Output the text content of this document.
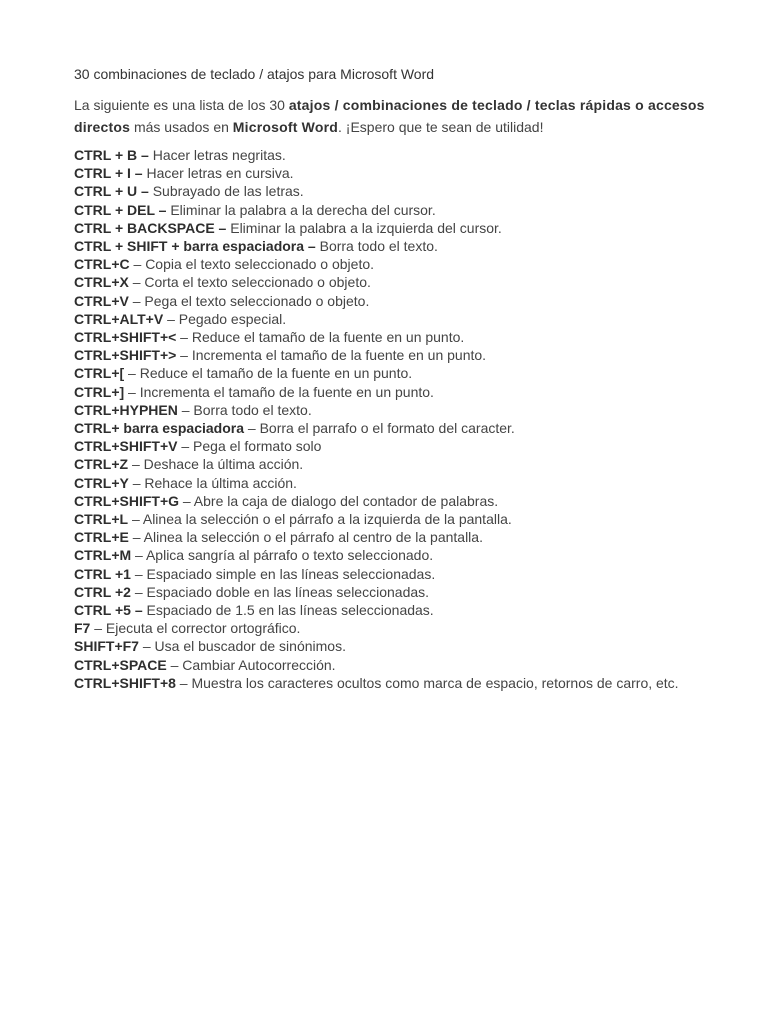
30 combinaciones de teclado / atajos para Microsoft Word

La siguiente es una lista de los 30 atajos / combinaciones de teclado / teclas rápidas o accesos directos más usados en Microsoft Word. ¡Espero que te sean de utilidad!

CTRL + B – Hacer letras negritas.
CTRL + I – Hacer letras en cursiva.
CTRL + U – Subrayado de las letras.
CTRL + DEL – Eliminar la palabra a la derecha del cursor.
CTRL + BACKSPACE – Eliminar la palabra a la izquierda del cursor.
CTRL + SHIFT + barra espaciadora – Borra todo el texto.
CTRL+C – Copia el texto seleccionado o objeto.
CTRL+X – Corta el texto seleccionado o objeto.
CTRL+V – Pega el texto seleccionado o objeto.
CTRL+ALT+V – Pegado especial.
CTRL+SHIFT+< – Reduce el tamaño de la fuente en un punto.
CTRL+SHIFT+> – Incrementa el tamaño de la fuente en un punto.
CTRL+[ – Reduce el tamaño de la fuente en un punto.
CTRL+] – Incrementa el tamaño de la fuente en un punto.
CTRL+HYPHEN – Borra todo el texto.
CTRL+ barra espaciadora – Borra el parrafo o el formato del caracter.
CTRL+SHIFT+V – Pega el formato solo
CTRL+Z – Deshace la última acción.
CTRL+Y – Rehace la última acción.
CTRL+SHIFT+G – Abre la caja de dialogo del contador de palabras.
CTRL+L – Alinea la selección o el párrafo a la izquierda de la pantalla.
CTRL+E – Alinea la selección o el párrafo al centro de la pantalla.
CTRL+M – Aplica sangría al párrafo o texto seleccionado.
CTRL +1 – Espaciado simple en las líneas seleccionadas.
CTRL +2 – Espaciado doble en las líneas seleccionadas.
CTRL +5 – Espaciado de 1.5 en las líneas seleccionadas.
F7 – Ejecuta el corrector ortográfico.
SHIFT+F7 – Usa el buscador de sinónimos.
CTRL+SPACE – Cambiar Autocorrección.
CTRL+SHIFT+8 – Muestra los caracteres ocultos como marca de espacio, retornos de carro, etc.
